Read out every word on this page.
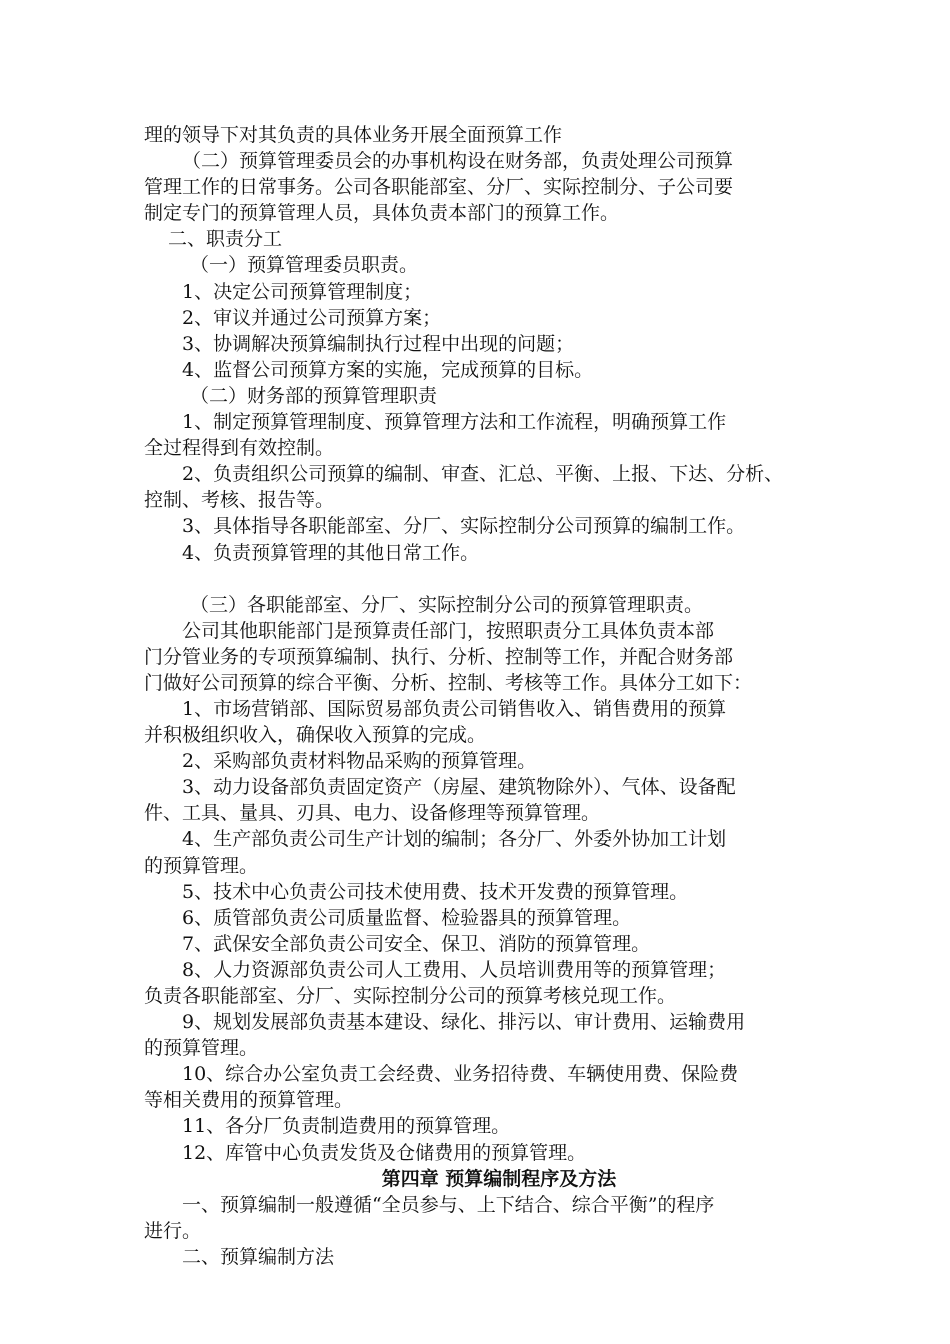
理的领导下对其负责的具体业务开展全面预算工作

（二）预算管理委员会的办事机构设在财务部，负责处理公司预算

管理工作的日常事务。公司各职能部室、分厂、实际控制分、子公司要

制定专门的预算管理人员，具体负责本部门的预算工作。

二、职责分工

（一）预算管理委员职责。

1、决定公司预算管理制度；

2、审议并通过公司预算方案；

3、协调解决预算编制执行过程中出现的问题；

4、监督公司预算方案的实施，完成预算的目标。

（二）财务部的预算管理职责

1、制定预算管理制度、预算管理方法和工作流程，明确预算工作

全过程得到有效控制。

2、负责组织公司预算的编制、审查、汇总、平衡、上报、下达、分析、

控制、考核、报告等。

3、具体指导各职能部室、分厂、实际控制分公司预算的编制工作。

4、负责预算管理的其他日常工作。

（三）各职能部室、分厂、实际控制分公司的预算管理职责。

公司其他职能部门是预算责任部门，按照职责分工具体负责本部

门分管业务的专项预算编制、执行、分析、控制等工作，并配合财务部

门做好公司预算的综合平衡、分析、控制、考核等工作。具体分工如下：

1、市场营销部、国际贸易部负责公司销售收入、销售费用的预算

并积极组织收入，确保收入预算的完成。

2、采购部负责材料物品采购的预算管理。

3、动力设备部负责固定资产（房屋、建筑物除外）、气体、设备配

件、工具、量具、刃具、电力、设备修理等预算管理。

4、生产部负责公司生产计划的编制；各分厂、外委外协加工计划

的预算管理。

5、技术中心负责公司技术使用费、技术开发费的预算管理。

6、质管部负责公司质量监督、检验器具的预算管理。

7、武保安全部负责公司安全、保卫、消防的预算管理。

8、人力资源部负责公司人工费用、人员培训费用等的预算管理；

负责各职能部室、分厂、实际控制分公司的预算考核兑现工作。

9、规划发展部负责基本建设、绿化、排污以、审计费用、运输费用

的预算管理。

10、综合办公室负责工会经费、业务招待费、车辆使用费、保险费

等相关费用的预算管理。

11、各分厂负责制造费用的预算管理。

12、库管中心负责发货及仓储费用的预算管理。

第四章 预算编制程序及方法

一、预算编制一般遵循“全员参与、上下结合、综合平衡”的程序

进行。

二、预算编制方法
